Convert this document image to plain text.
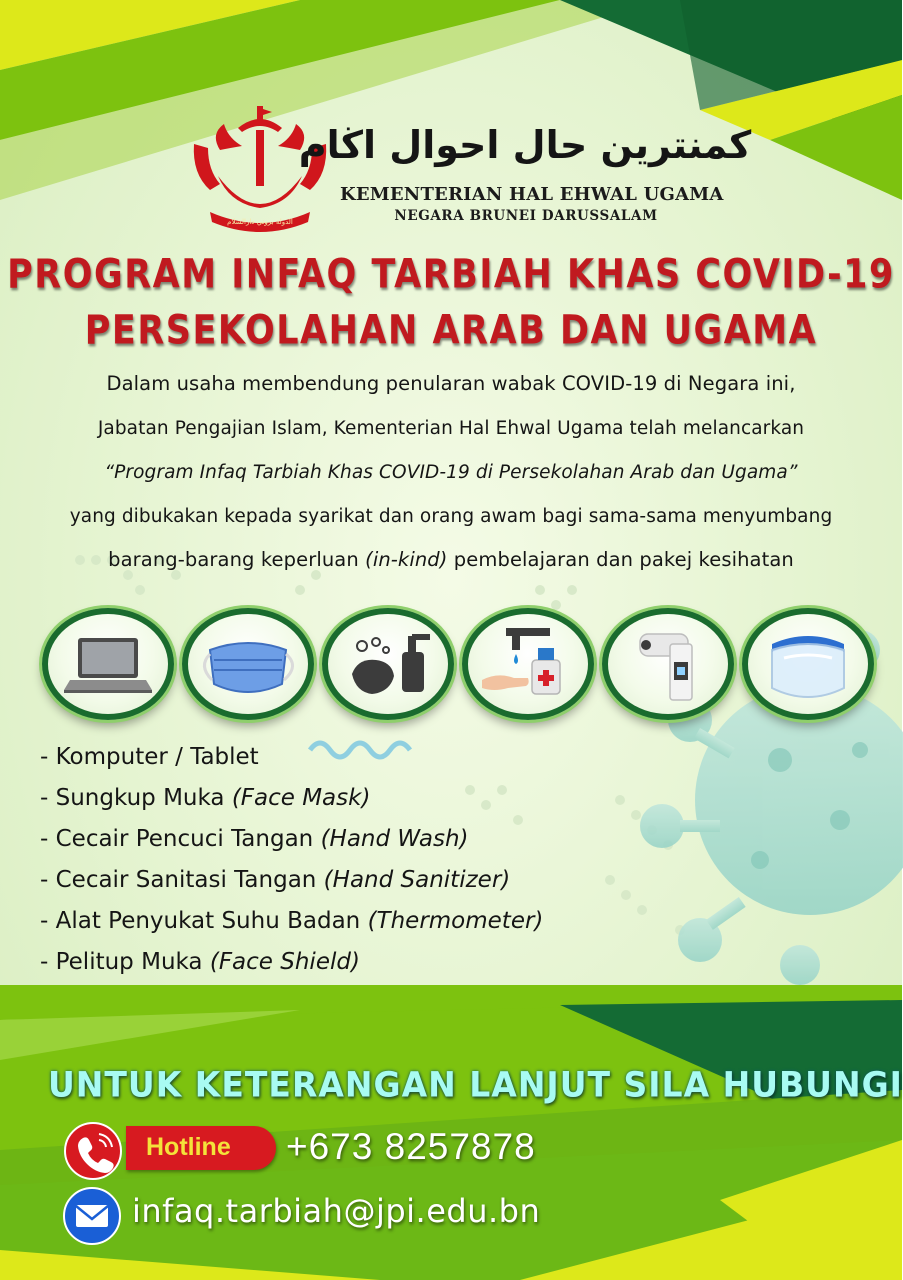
الدولة بروني دارالسلام
كمنترين حال احوال اڬام
KEMENTERIAN HAL EHWAL UGAMA
NEGARA BRUNEI DARUSSALAM
PROGRAM INFAQ TARBIAH KHAS COVID-19
PERSEKOLAHAN ARAB DAN UGAMA
Dalam usaha membendung penularan wabak COVID-19 di Negara ini,
Jabatan Pengajian Islam, Kementerian Hal Ehwal Ugama telah melancarkan
“Program Infaq Tarbiah Khas COVID-19 di Persekolahan Arab dan Ugama”
yang dibukakan kepada syarikat dan orang awam bagi sama-sama menyumbang
barang-barang keperluan (in-kind) pembelajaran dan pakej kesihatan
- Komputer / Tablet
- Sungkup Muka (Face Mask)
- Cecair Pencuci Tangan (Hand Wash)
- Cecair Sanitasi Tangan (Hand Sanitizer)
- Alat Penyukat Suhu Badan (Thermometer)
- Pelitup Muka (Face Shield)
UNTUK KETERANGAN LANJUT SILA HUBUNGI
Hotline +673 8257878
infaq.tarbiah@jpi.edu.bn
